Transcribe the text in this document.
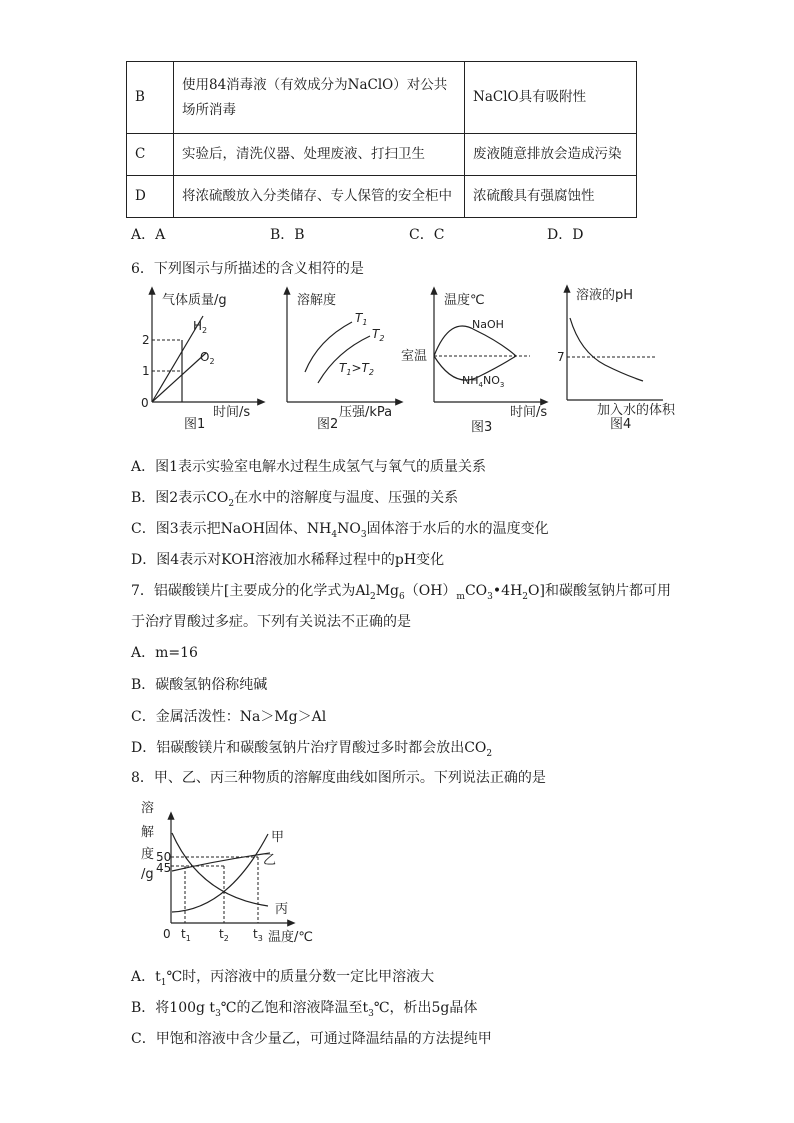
B	使用84消毒液（有效成分为NaClO）对公共
场所消毒	NaClO具有吸附性
C	实验后，清洗仪器、处理废液、打扫卫生	废液随意排放会造成污染
D	将浓硫酸放入分类储存、专人保管的安全柜中	浓硫酸具有强腐蚀性
A．A	B．B	C．C	D．D
6．下列图示与所描述的含义相符的是
气体质量/g
2
1
0
$H_2$
$O_2$
时间/s
图1
溶解度
$T_1$
$T_2$
$T_1>T_2$
压强/kPa
图2
温度℃
室温
NaOH
$NH_4NO_3$
时间/s
图3
溶液的pH
7
加入水的体积
图4
A．图1表示实验室电解水过程生成氢气与氧气的质量关系
B．图2表示$CO_2$在水中的溶解度与温度、压强的关系
C．图3表示把NaOH固体、$NH_4NO_3$固体溶于水后的水的温度变化
D．图4表示对KOH溶液加水稀释过程中的pH变化
7．铝碳酸镁片[主要成分的化学式为$Al_2Mg_6(OH)_mCO_3•4H_2O$]和碳酸氢钠片都可用
于治疗胃酸过多症。下列有关说法不正确的是
A．m=16
B．碳酸氢钠俗称纯碱
C．金属活泼性：Na＞Mg＞Al
D．铝碳酸镁片和碳酸氢钠片治疗胃酸过多时都会放出$CO_2$
8．甲、乙、丙三种物质的溶解度曲线如图所示。下列说法正确的是
溶
解
度
/g
50
45
0 $t_1$ $t_2$ $t_3$ 温度/℃
甲
乙
丙
A．$t_1℃$时，丙溶液中的质量分数一定比甲溶液大
B．将100g $t_3℃$的乙饱和溶液降温至$t_3℃$，析出5g晶体
C．甲饱和溶液中含少量乙，可通过降温结晶的方法提纯甲
